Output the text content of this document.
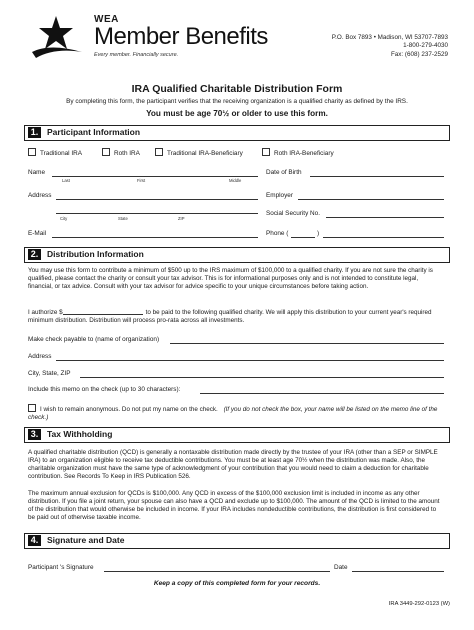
WEA
Member Benefits
Every member. Financially secure.
P.O. Box 7893 • Madison, WI 53707-7893
1-800-279-4030
Fax: (608) 237-2529
IRA Qualified Charitable Distribution Form
By completing this form, the participant verifies that the receiving organization is a qualified charity as defined by the IRS.
You must be age 70½ or older to use this form.
1.	Participant Information
Traditional IRA	Roth IRA	Traditional IRA-Beneficiary	Roth IRA-Beneficiary
Name
Last	First	Middle
Date of Birth
Address	Employer
City	State	ZIP
Social Security No.
E-Mail	Phone (	)
2.	Distribution Information
You may use this form to contribute a minimum of $500 up to the IRS maximum of $100,000 to a qualified charity. If you are not sure the charity is qualified, please contact the charity or consult your tax advisor. This is for informational purposes only and is not intended to constitute legal, financial, or tax advice. Consult with your tax advisor for advice specific to your unique circumstances before taking action.
I authorize $	to be paid to the following qualified charity. We will apply this distribution to your current year's required minimum distribution. Distribution will process pro-rata across all investments.
Make check payable to (name of organization)
Address
City, State, ZIP
Include this memo on the check (up to 30 characters):
I wish to remain anonymous. Do not put my name on the check. (If you do not check the box, your name will be listed on the memo line of the check.)
3.	Tax Withholding
A qualified charitable distribution (QCD) is generally a nontaxable distribution made directly by the trustee of your IRA (other than a SEP or SIMPLE IRA) to an organization eligible to receive tax deductible contributions. You must be at least age 70½ when the distribution was made. Also, the charitable organization must have the same type of acknowledgment of your contribution that you would need to claim a deduction for charitable contribution. See Records To Keep in IRS Publication 526.
The maximum annual exclusion for QCDs is $100,000. Any QCD in excess of the $100,000 exclusion limit is included in income as any other distribution. If you file a joint return, your spouse can also have a QCD and exclude up to $100,000. The amount of the QCD is limited to the amount of the distribution that would otherwise be included in income. If your IRA includes nondeductible contributions, the distribution is first considered to be paid out of otherwise taxable income.
4.	Signature and Date
Participant 's Signature	Date
Keep a copy of this completed form for your records.
IRA 3449-292-0123 (W)
